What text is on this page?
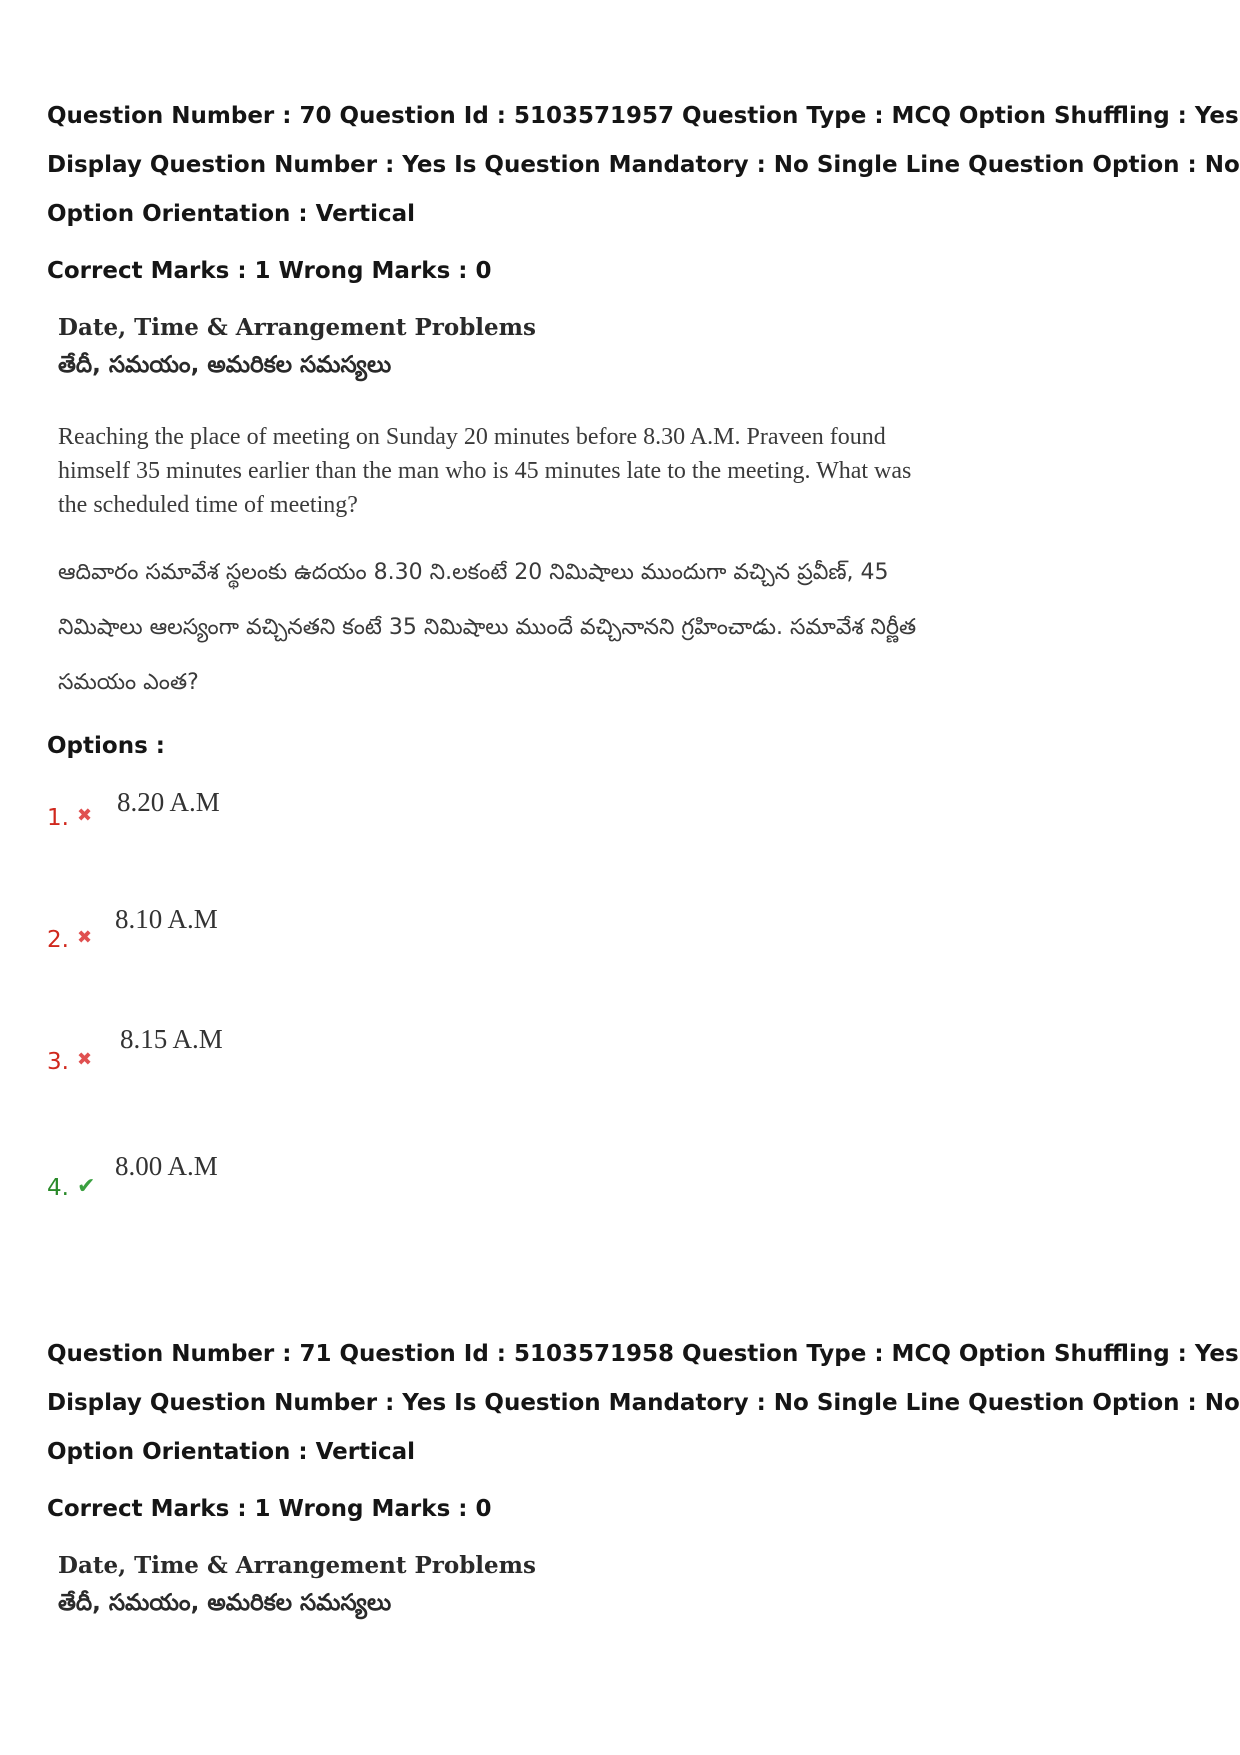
Question Number : 70 Question Id : 5103571957 Question Type : MCQ Option Shuffling : Yes
Display Question Number : Yes Is Question Mandatory : No Single Line Question Option : No
Option Orientation : Vertical
Correct Marks : 1 Wrong Marks : 0
Date, Time & Arrangement Problems
తేదీ, సమయం, అమరికల సమస్యలు
Reaching the place of meeting on Sunday 20 minutes before 8.30 A.M. Praveen found himself 35 minutes earlier than the man who is 45 minutes late to the meeting. What was the scheduled time of meeting?
ఆదివారం సమావేశ స్థలంకు ఉదయం 8.30 ని.లకంటే 20 నిమిషాలు ముందుగా వచ్చిన ప్రవీణ్, 45 నిమిషాలు ఆలస్యంగా వచ్చినతని కంటే 35 నిమిషాలు ముందే వచ్చినానని గ్రహించాడు. సమావేశ నిర్ణీత సమయం ఎంత?
Options :
1. ✖ 8.20 A.M
2. ✖
8.10 A.M
3. ✖
8.15 A.M
4. ✔
8.00 A.M
Question Number : 71 Question Id : 5103571958 Question Type : MCQ Option Shuffling : Yes
Display Question Number : Yes Is Question Mandatory : No Single Line Question Option : No
Option Orientation : Vertical
Correct Marks : 1 Wrong Marks : 0
Date, Time & Arrangement Problems
తేదీ, సమయం, అమరికల సమస్యలు
